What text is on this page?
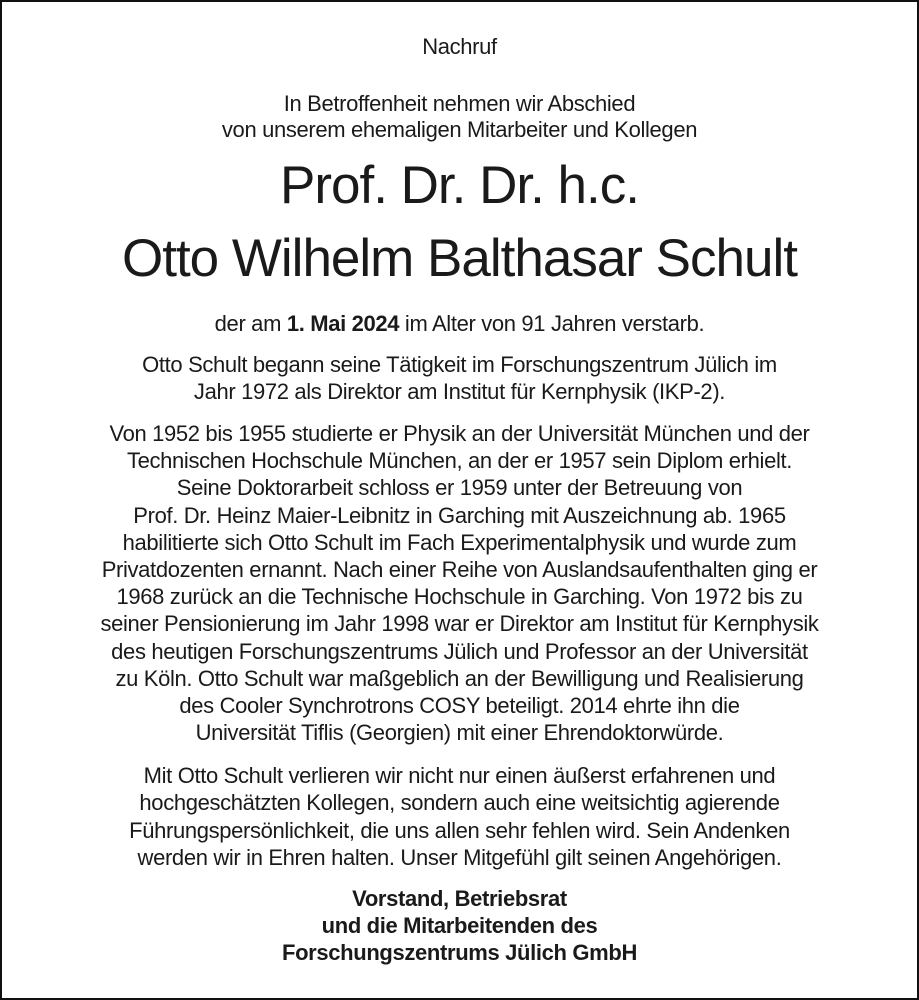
Nachruf
In Betroffenheit nehmen wir Abschied
von unserem ehemaligen Mitarbeiter und Kollegen
Prof. Dr. Dr. h.c.
Otto Wilhelm Balthasar Schult
der am 1. Mai 2024 im Alter von 91 Jahren verstarb.
Otto Schult begann seine Tätigkeit im Forschungszentrum Jülich im
Jahr 1972 als Direktor am Institut für Kernphysik (IKP-2).
Von 1952 bis 1955 studierte er Physik an der Universität München und der
Technischen Hochschule München, an der er 1957 sein Diplom erhielt.
Seine Doktorarbeit schloss er 1959 unter der Betreuung von
Prof. Dr. Heinz Maier-Leibnitz in Garching mit Auszeichnung ab. 1965
habilitierte sich Otto Schult im Fach Experimentalphysik und wurde zum
Privatdozenten ernannt. Nach einer Reihe von Auslandsaufenthalten ging er
1968 zurück an die Technische Hochschule in Garching. Von 1972 bis zu
seiner Pensionierung im Jahr 1998 war er Direktor am Institut für Kernphysik
des heutigen Forschungszentrums Jülich und Professor an der Universität
zu Köln. Otto Schult war maßgeblich an der Bewilligung und Realisierung
des Cooler Synchrotrons COSY beteiligt. 2014 ehrte ihn die
Universität Tiflis (Georgien) mit einer Ehrendoktorwürde.
Mit Otto Schult verlieren wir nicht nur einen äußerst erfahrenen und
hochgeschätzten Kollegen, sondern auch eine weitsichtig agierende
Führungspersönlichkeit, die uns allen sehr fehlen wird. Sein Andenken
werden wir in Ehren halten. Unser Mitgefühl gilt seinen Angehörigen.
Vorstand, Betriebsrat
und die Mitarbeitenden des
Forschungszentrums Jülich GmbH
